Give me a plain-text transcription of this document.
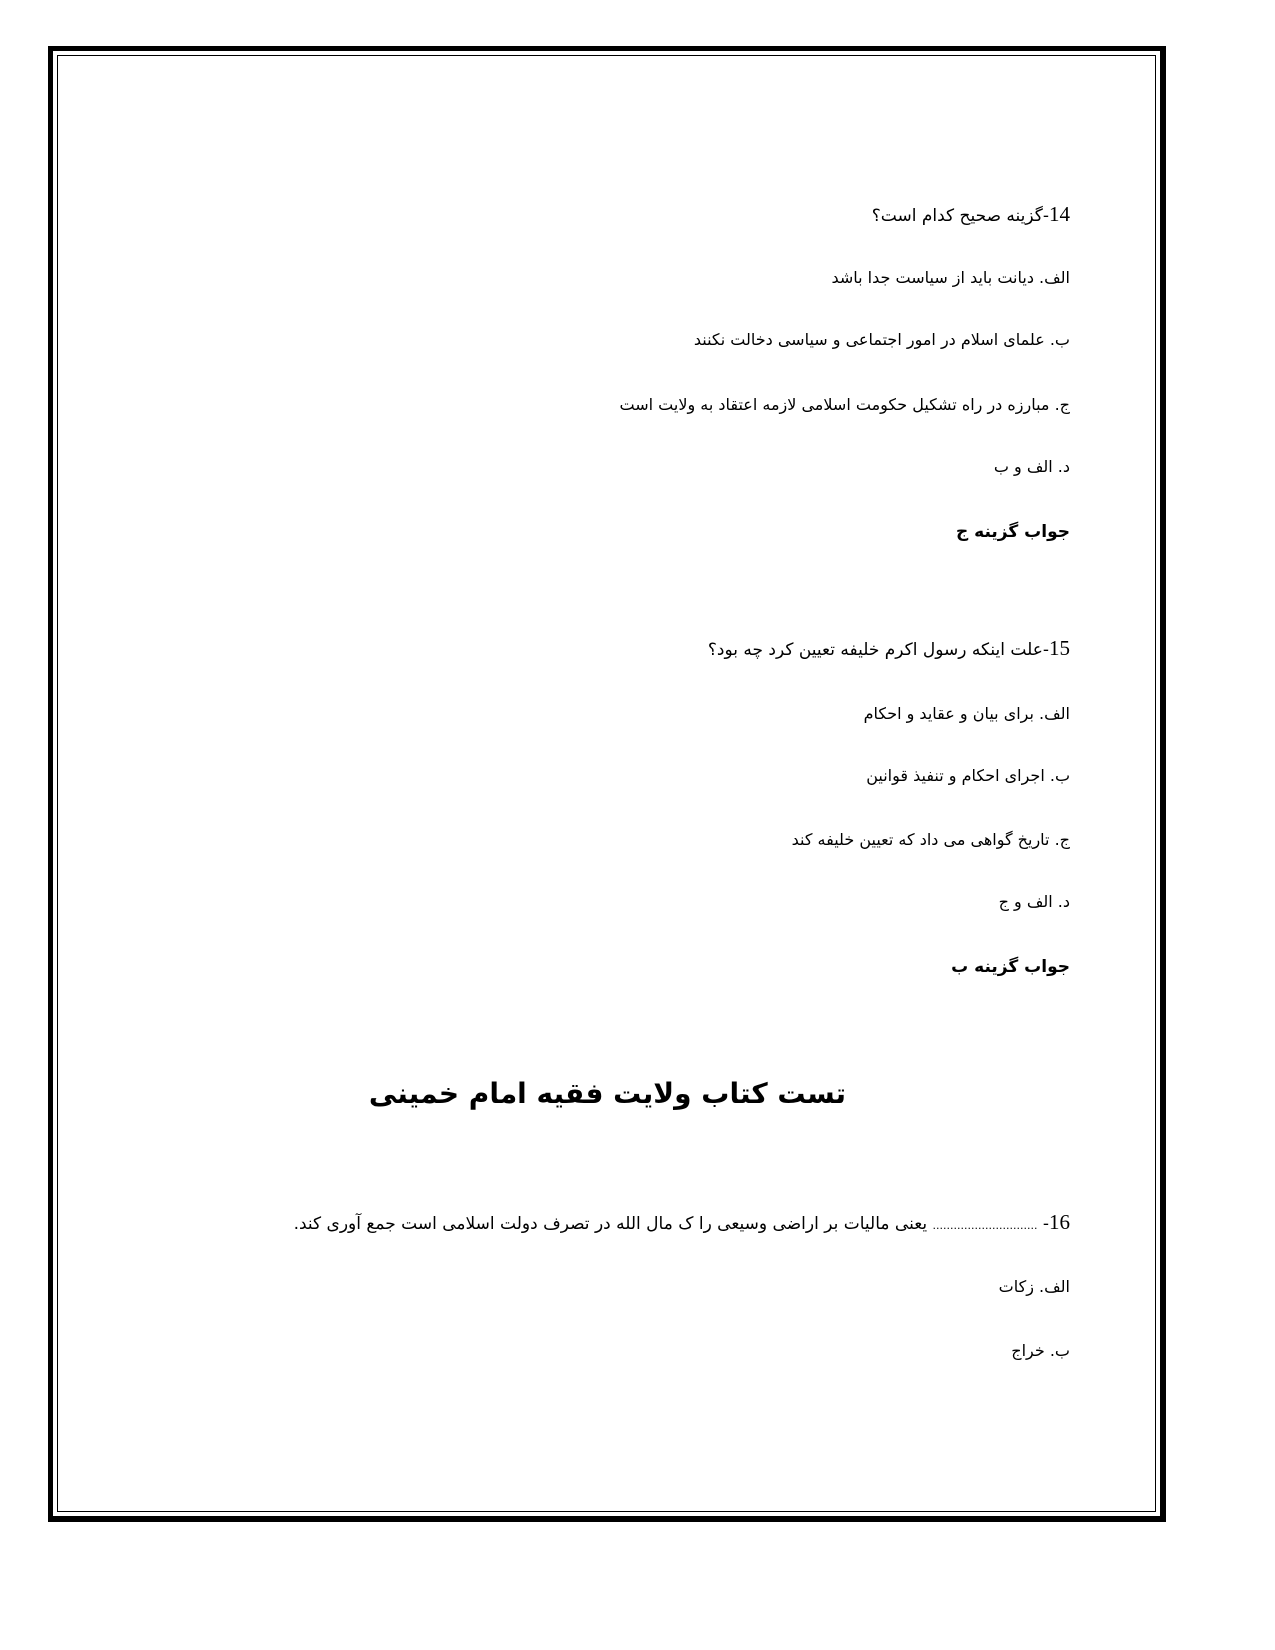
14-گزینه صحیح کدام است؟
الف. دیانت باید از سیاست جدا باشد
ب. علمای اسلام در امور اجتماعی و سیاسی دخالت نکنند
ج. مبارزه در راه تشکیل حکومت اسلامی لازمه اعتقاد به ولایت است
د. الف و ب
جواب گزینه ج
15-علت اینکه رسول اکرم خلیفه تعیین کرد چه بود؟
الف. برای بیان و عقاید و احکام
ب. اجرای احکام و تنفیذ قوانین
ج. تاریخ گواهی می داد که تعیین خلیفه کند
د. الف و ج
جواب گزینه ب
تست کتاب ولایت فقیه امام خمینی
16- .............................. یعنی مالیات بر اراضی وسیعی را ک مال الله در تصرف دولت اسلامی است جمع آوری کند.
الف. زکات
ب. خراج
